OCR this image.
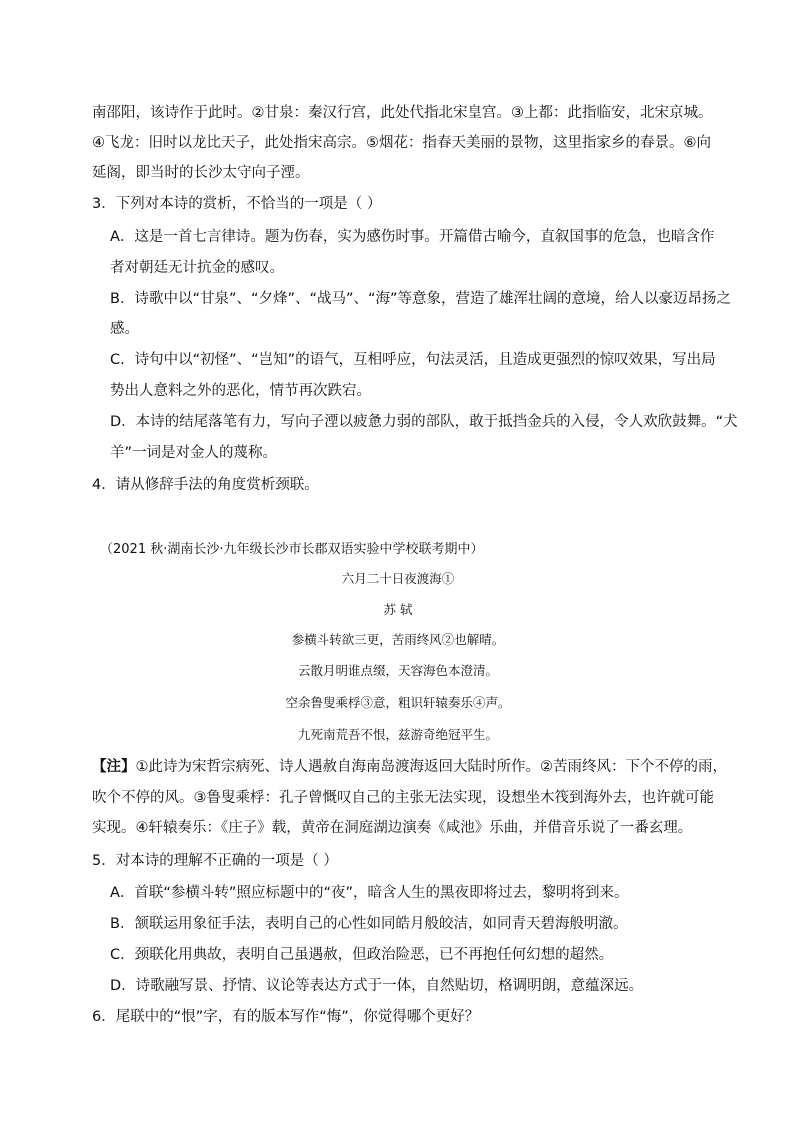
南邵阳，该诗作于此时。②甘泉：秦汉行宫，此处代指北宋皇宫。③上都：此指临安，北宋京城。
④飞龙：旧时以龙比天子，此处指宋高宗。⑤烟花：指春天美丽的景物，这里指家乡的春景。⑥向
延阁，即当时的长沙太守向子湮。
3．下列对本诗的赏析，不恰当的一项是（ ）
A．这是一首七言律诗。题为伤春，实为感伤时事。开篇借古喻今，直叙国事的危急，也暗含作
者对朝廷无计抗金的感叹。
B．诗歌中以“甘泉”、“夕烽”、“战马”、“海”等意象，营造了雄浑壮阔的意境，给人以豪迈昂扬之
感。
C．诗句中以“初怪”、“岂知”的语气，互相呼应，句法灵活，且造成更强烈的惊叹效果，写出局
势出人意料之外的恶化，情节再次跌宕。
D．本诗的结尾落笔有力，写向子湮以疲惫力弱的部队，敢于抵挡金兵的入侵，令人欢欣鼓舞。“犬
羊”一词是对金人的蔑称。
4．请从修辞手法的角度赏析颈联。
（2021 秋·湖南长沙·九年级长沙市长郡双语实验中学校联考期中）
六月二十日夜渡海①
苏 轼
参横斗转欲三更，苦雨终风②也解晴。
云散月明谁点缀，天容海色本澄清。
空余鲁叟乘桴③意，粗识轩辕奏乐④声。
九死南荒吾不恨，兹游奇绝冠平生。
【注】①此诗为宋哲宗病死、诗人遇赦自海南岛渡海返回大陆时所作。②苦雨终风：下个不停的雨，
吹个不停的风。③鲁叟乘桴：孔子曾慨叹自己的主张无法实现，设想坐木筏到海外去，也许就可能
实现。④轩辕奏乐：《庄子》载，黄帝在洞庭湖边演奏《咸池》乐曲，并借音乐说了一番玄理。
5．对本诗的理解不正确的一项是（ ）
A．首联“参横斗转”照应标题中的“夜”，暗含人生的黑夜即将过去，黎明将到来。
B．颔联运用象征手法，表明自己的心性如同皓月般皎洁，如同青天碧海般明澈。
C．颈联化用典故，表明自己虽遇赦，但政治险恶，已不再抱任何幻想的超然。
D．诗歌融写景、抒情、议论等表达方式于一体，自然贴切，格调明朗，意蕴深远。
6．尾联中的“恨”字，有的版本写作“悔”，你觉得哪个更好？
